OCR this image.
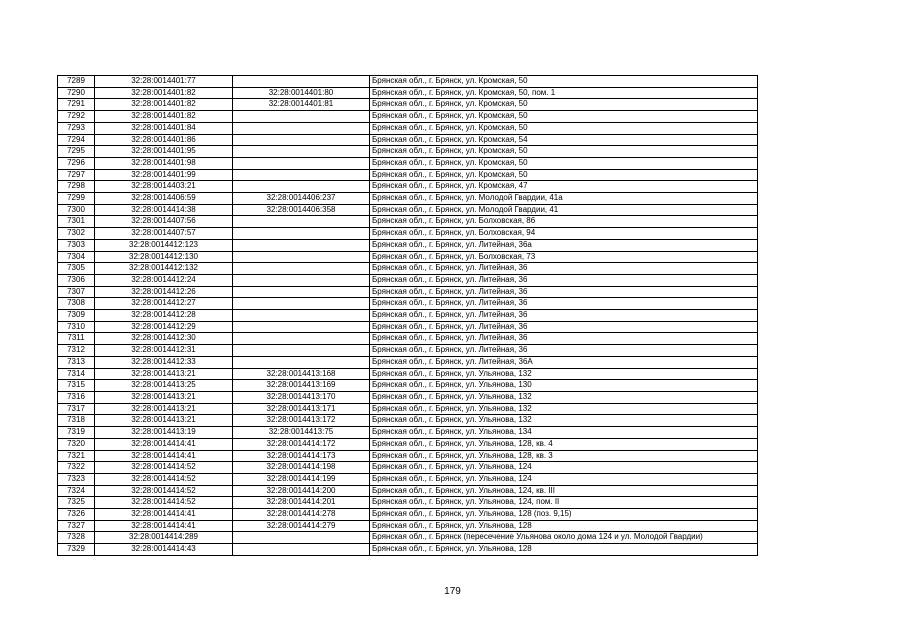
7289	32:28:0014401:77		Брянская обл., г. Брянск, ул. Кромская, 50
7290	32:28:0014401:82	32:28:0014401:80	Брянская обл., г. Брянск, ул. Кромская, 50, пом. 1
7291	32:28:0014401:82	32:28:0014401:81	Брянская обл., г. Брянск, ул. Кромская, 50
7292	32:28:0014401:82		Брянская обл., г. Брянск, ул. Кромская, 50
7293	32:28:0014401:84		Брянская обл., г. Брянск, ул. Кромская, 50
7294	32:28:0014401:86		Брянская обл., г. Брянск, ул. Кромская, 54
7295	32:28:0014401:95		Брянская обл., г. Брянск, ул. Кромская, 50
7296	32:28:0014401:98		Брянская обл., г. Брянск, ул. Кромская, 50
7297	32:28:0014401:99		Брянская обл., г. Брянск, ул. Кромская, 50
7298	32:28:0014403:21		Брянская обл., г. Брянск, ул. Кромская, 47
7299	32:28:0014406:59	32:28:0014406:237	Брянская обл., г. Брянск, ул. Молодой Гвардии, 41а
7300	32:28:0014414:38	32:28:0014406:358	Брянская обл., г. Брянск, ул. Молодой Гвардии, 41
7301	32:28:0014407:56		Брянская обл., г. Брянск, ул. Болховская, 86
7302	32:28:0014407:57		Брянская обл., г. Брянск, ул. Болховская, 94
7303	32:28:0014412:123		Брянская обл., г. Брянск, ул. Литейная, 36а
7304	32:28:0014412:130		Брянская обл., г. Брянск, ул. Болховская, 73
7305	32:28:0014412:132		Брянская обл., г. Брянск, ул. Литейная, 36
7306	32:28:0014412:24		Брянская обл., г. Брянск, ул. Литейная, 36
7307	32:28:0014412:26		Брянская обл., г. Брянск, ул. Литейная, 36
7308	32:28:0014412:27		Брянская обл., г. Брянск, ул. Литейная, 36
7309	32:28:0014412:28		Брянская обл., г. Брянск, ул. Литейная, 36
7310	32:28:0014412:29		Брянская обл., г. Брянск, ул. Литейная, 36
7311	32:28:0014412:30		Брянская обл., г. Брянск, ул. Литейная, 36
7312	32:28:0014412:31		Брянская обл., г. Брянск, ул. Литейная, 36
7313	32:28:0014412:33		Брянская обл., г. Брянск, ул. Литейная, 36А
7314	32:28:0014413:21	32:28:0014413:168	Брянская обл., г. Брянск, ул. Ульянова, 132
7315	32:28:0014413:25	32:28:0014413:169	Брянская обл., г. Брянск, ул. Ульянова, 130
7316	32:28:0014413:21	32:28:0014413:170	Брянская обл., г. Брянск, ул. Ульянова, 132
7317	32:28:0014413:21	32:28:0014413:171	Брянская обл., г. Брянск, ул. Ульянова, 132
7318	32:28:0014413:21	32:28:0014413:172	Брянская обл., г. Брянск, ул. Ульянова, 132
7319	32:28:0014413:19	32:28:0014413:75	Брянская обл., г. Брянск, ул. Ульянова, 134
7320	32:28:0014414:41	32:28:0014414:172	Брянская обл., г. Брянск, ул. Ульянова, 128, кв. 4
7321	32:28:0014414:41	32:28:0014414:173	Брянская обл., г. Брянск, ул. Ульянова, 128, кв. 3
7322	32:28:0014414:52	32:28:0014414:198	Брянская обл., г. Брянск, ул. Ульянова, 124
7323	32:28:0014414:52	32:28:0014414:199	Брянская обл., г. Брянск, ул. Ульянова, 124
7324	32:28:0014414:52	32:28:0014414:200	Брянская обл., г. Брянск, ул. Ульянова, 124, кв. III
7325	32:28:0014414:52	32:28:0014414:201	Брянская обл., г. Брянск, ул. Ульянова, 124, пом. II
7326	32:28:0014414:41	32:28:0014414:278	Брянская обл., г. Брянск, ул. Ульянова, 128 (поз. 9,15)
7327	32:28:0014414:41	32:28:0014414:279	Брянская обл., г. Брянск, ул. Ульянова, 128
7328	32:28:0014414:289		Брянская обл., г. Брянск (пересечение Ульянова около дома 124 и ул. Молодой Гвардии)
7329	32:28:0014414:43		Брянская обл., г. Брянск, ул. Ульянова, 128
179
